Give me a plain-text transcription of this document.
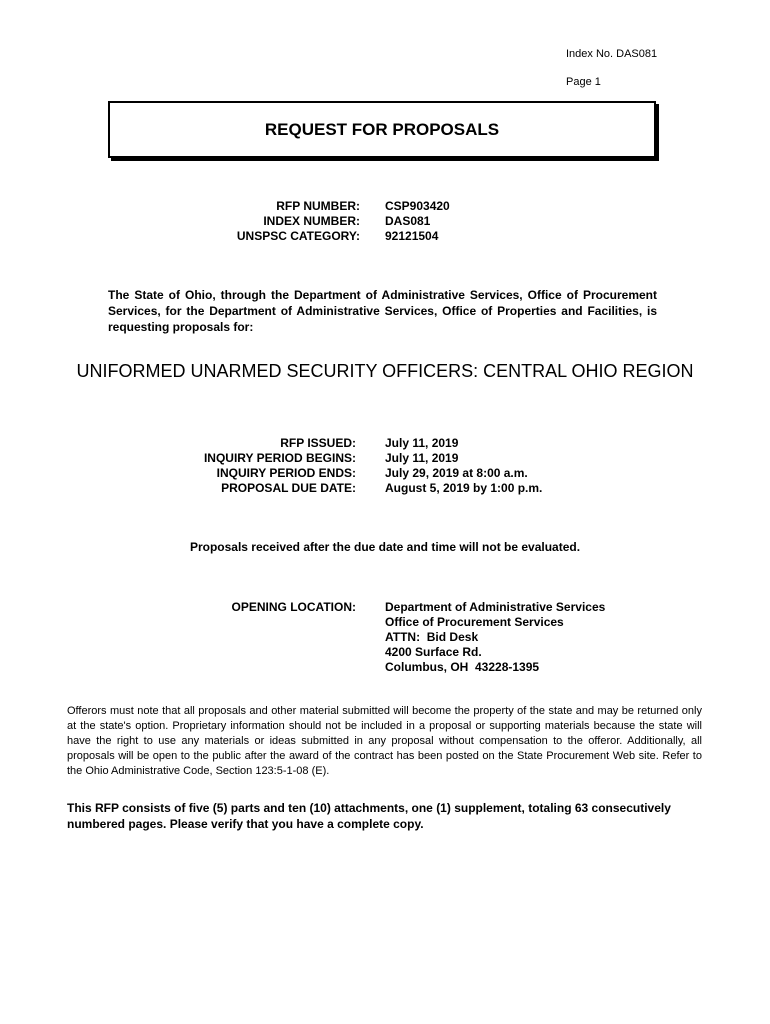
Index No. DAS081
Page 1
REQUEST FOR PROPOSALS
RFP NUMBER:
INDEX NUMBER:
UNSPSC CATEGORY:
CSP903420
DAS081
92121504
The State of Ohio, through the Department of Administrative Services, Office of Procurement Services, for the Department of Administrative Services, Office of Properties and Facilities, is requesting proposals for:
UNIFORMED UNARMED SECURITY OFFICERS: CENTRAL OHIO REGION
RFP ISSUED:
INQUIRY PERIOD BEGINS:
INQUIRY PERIOD ENDS:
PROPOSAL DUE DATE:
July 11, 2019
July 11, 2019
July 29, 2019 at 8:00 a.m.
August 5, 2019 by 1:00 p.m.
Proposals received after the due date and time will not be evaluated.
OPENING LOCATION: Department of Administrative Services
Office of Procurement Services
ATTN:  Bid Desk
4200 Surface Rd.
Columbus, OH  43228-1395
Offerors must note that all proposals and other material submitted will become the property of the state and may be returned only at the state's option. Proprietary information should not be included in a proposal or supporting materials because the state will have the right to use any materials or ideas submitted in any proposal without compensation to the offeror. Additionally, all proposals will be open to the public after the award of the contract has been posted on the State Procurement Web site. Refer to the Ohio Administrative Code, Section 123:5-1-08 (E).
This RFP consists of five (5) parts and ten (10) attachments, one (1) supplement, totaling 63 consecutively numbered pages. Please verify that you have a complete copy.
